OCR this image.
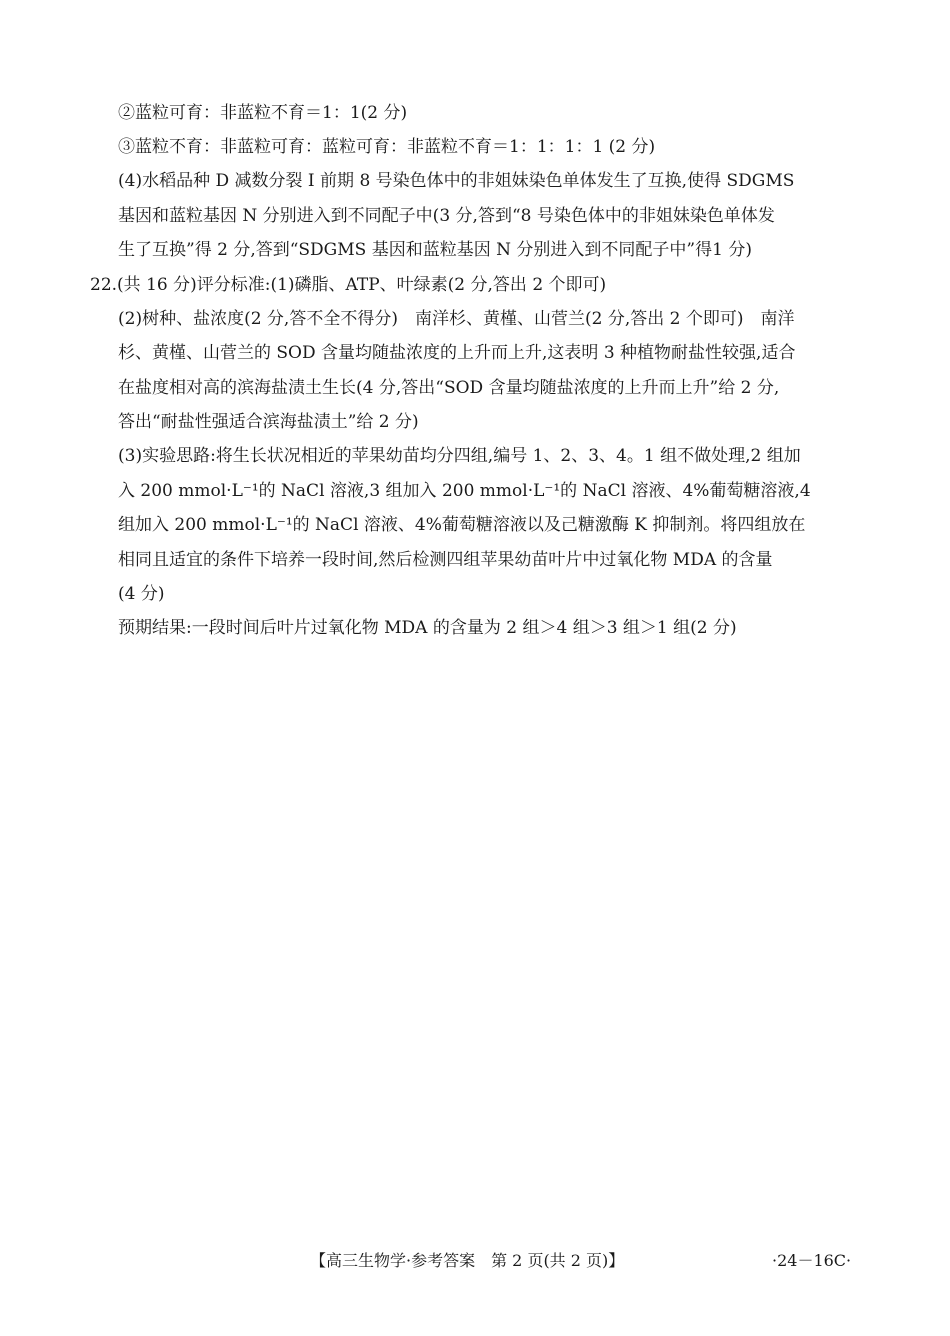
②蓝粒可育：非蓝粒不育＝1：1(2 分)
③蓝粒不育：非蓝粒可育：蓝粒可育：非蓝粒不育＝1：1：1：1 (2 分)
(4)水稻品种 D 减数分裂 Ⅰ 前期 8 号染色体中的非姐妹染色单体发生了互换,使得 SDGMS
基因和蓝粒基因 N 分别进入到不同配子中(3 分,答到“8 号染色体中的非姐妹染色单体发
生了互换”得 2 分,答到“SDGMS 基因和蓝粒基因 N 分别进入到不同配子中”得1 分)
22.(共 16 分)评分标准:(1)磷脂、ATP、叶绿素(2 分,答出 2 个即可)
(2)树种、盐浓度(2 分,答不全不得分)　南洋杉、黄槿、山菅兰(2 分,答出 2 个即可)　南洋
杉、黄槿、山菅兰的 SOD 含量均随盐浓度的上升而上升,这表明 3 种植物耐盐性较强,适合
在盐度相对高的滨海盐渍土生长(4 分,答出“SOD 含量均随盐浓度的上升而上升”给 2 分,
答出“耐盐性强适合滨海盐渍土”给 2 分)
(3)实验思路:将生长状况相近的苹果幼苗均分四组,编号 1、2、3、4。1 组不做处理,2 组加
入 200 mmol·L⁻¹的 NaCl 溶液,3 组加入 200 mmol·L⁻¹的 NaCl 溶液、4%葡萄糖溶液,4
组加入 200 mmol·L⁻¹的 NaCl 溶液、4%葡萄糖溶液以及己糖激酶 K 抑制剂。将四组放在
相同且适宜的条件下培养一段时间,然后检测四组苹果幼苗叶片中过氧化物 MDA 的含量
(4 分)
预期结果:一段时间后叶片过氧化物 MDA 的含量为 2 组＞4 组＞3 组＞1 组(2 分)
【高三生物学·参考答案　第 2 页(共 2 页)】	·24－16C·
